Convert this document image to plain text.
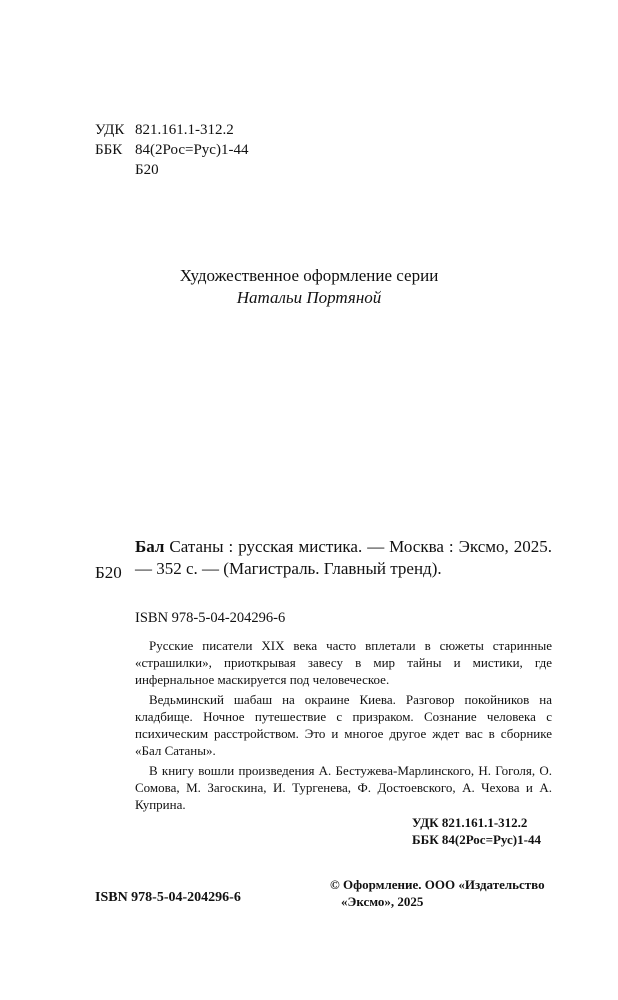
УДК 821.161.1-312.2
ББК 84(2Рос=Рус)1-44
Б20
Художественное оформление серии
Натальи Портяной
Б20
Бал Сатаны : русская мистика. — Москва : Эксмо, 2025. — 352 с. — (Магистраль. Главный тренд).
ISBN 978-5-04-204296-6

Русские писатели XIX века часто вплетали в сюжеты старинные «страшилки», приоткрывая завесу в мир тайны и мистики, где инфернальное маскируется под человеческое.

Ведьминский шабаш на окраине Киева. Разговор покойников на кладбище. Ночное путешествие с призраком. Сознание человека с психическим расстройством. Это и многое другое ждет вас в сборнике «Бал Сатаны».

В книгу вошли произведения А. Бестужева-Марлинского, Н. Гоголя, О. Сомова, М. Загоскина, И. Тургенева, Ф. Достоевского, А. Чехова и А. Куприна.

УДК 821.161.1-312.2
ББК 84(2Рос=Рус)1-44
ISBN 978-5-04-204296-6
© Оформление. ООО «Издательство
«Эксмо», 2025
